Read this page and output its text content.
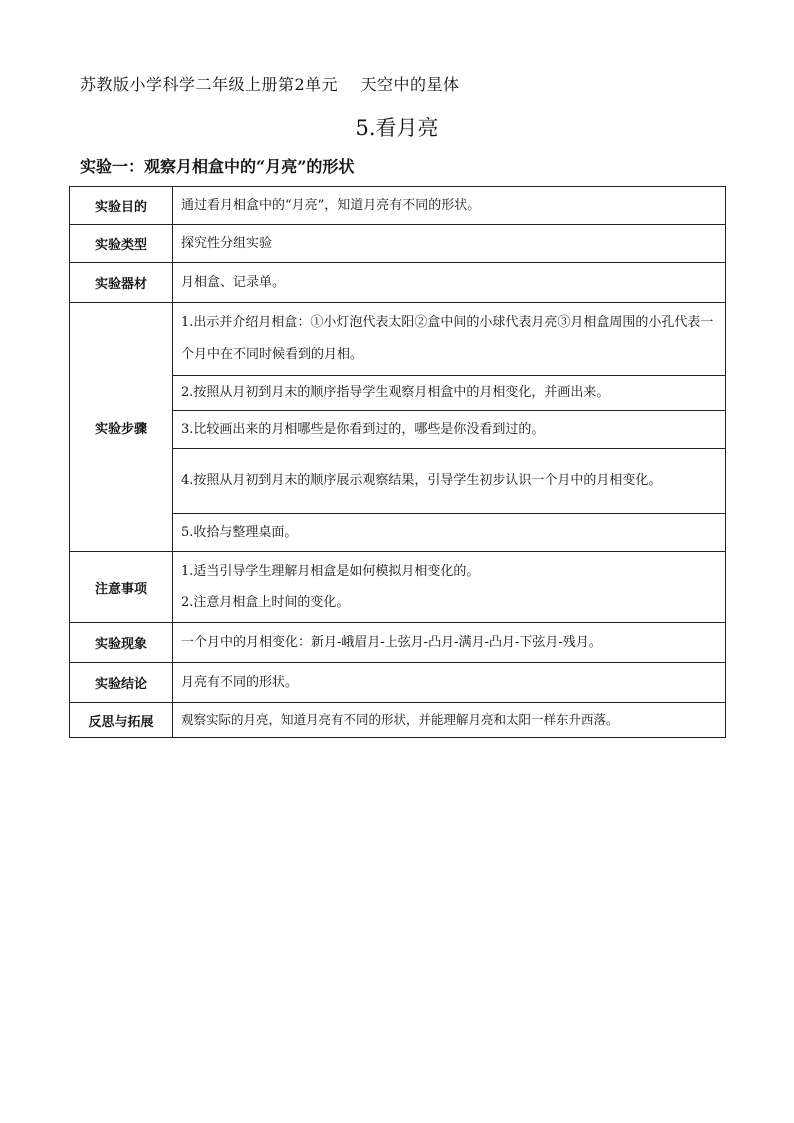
苏教版小学科学二年级上册第2单元    天空中的星体
5.看月亮
实验一：观察月相盒中的“月亮”的形状
实验目的	通过看月相盒中的“月亮”，知道月亮有不同的形状。
实验类型	探究性分组实验
实验器材	月相盒、记录单。
实验步骤	1.出示并介绍月相盒：①小灯泡代表太阳②盒中间的小球代表月亮③月相盒周围的小孔代表一个月中在不同时候看到的月相。
	2.按照从月初到月末的顺序指导学生观察月相盒中的月相变化，并画出来。
	3.比较画出来的月相哪些是你看到过的，哪些是你没看到过的。
	4.按照从月初到月末的顺序展示观察结果，引导学生初步认识一个月中的月相变化。
	5.收拾与整理桌面。
注意事项	1.适当引导学生理解月相盒是如何模拟月相变化的。
2.注意月相盒上时间的变化。

实验现象	一个月中的月相变化：新月-峨眉月-上弦月-凸月-满月-凸月-下弦月-残月。
实验结论	月亮有不同的形状。
反思与拓展	观察实际的月亮，知道月亮有不同的形状，并能理解月亮和太阳一样东升西落。
